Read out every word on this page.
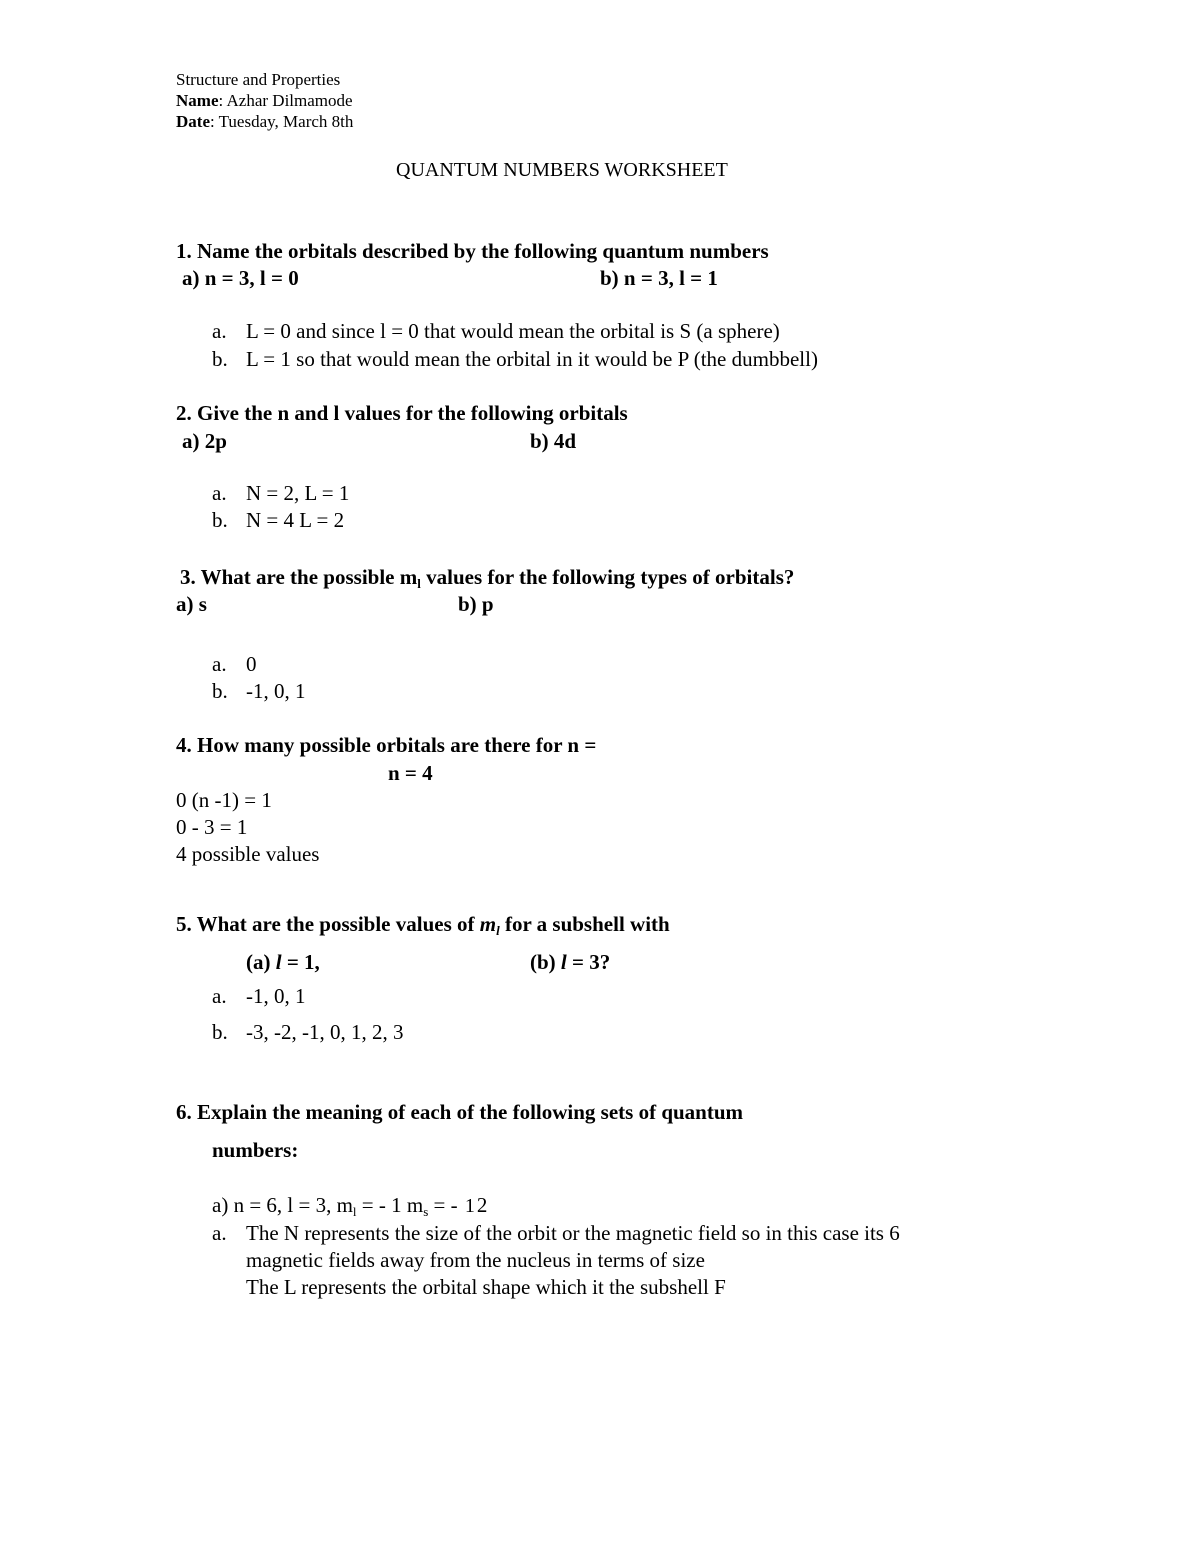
Structure and Properties
Name: Azhar Dilmamode
Date: Tuesday, March 8th
QUANTUM NUMBERS WORKSHEET
1. Name the orbitals described by the following quantum numbers
a) n = 3, l = 0	b) n = 3, l = 1
a. L = 0 and since l = 0 that would mean the orbital is S (a sphere)
b. L = 1 so that would mean the orbital in it would be P (the dumbbell)
2. Give the n and l values for the following orbitals
a) 2p	b) 4d
a. N = 2, L = 1
b. N = 4 L = 2
3. What are the possible ml values for the following types of orbitals?
a) s	b) p
a. 0
b. -1, 0, 1
4. How many possible orbitals are there for n =
n = 4
0 (n -1) = 1
0 - 3 = 1
4 possible values
5. What are the possible values of ml for a subshell with
(a) l = 1,	(b) l = 3?
a. -1, 0, 1
b. -3, -2, -1, 0, 1, 2, 3
6. Explain the meaning of each of the following sets of quantum
numbers:
a) n = 6, l = 3, ml = - 1 ms = - 1 2
a. The N represents the size of the orbit or the magnetic field so in this case its 6
magnetic fields away from the nucleus in terms of size
The L represents the orbital shape which it the subshell F
